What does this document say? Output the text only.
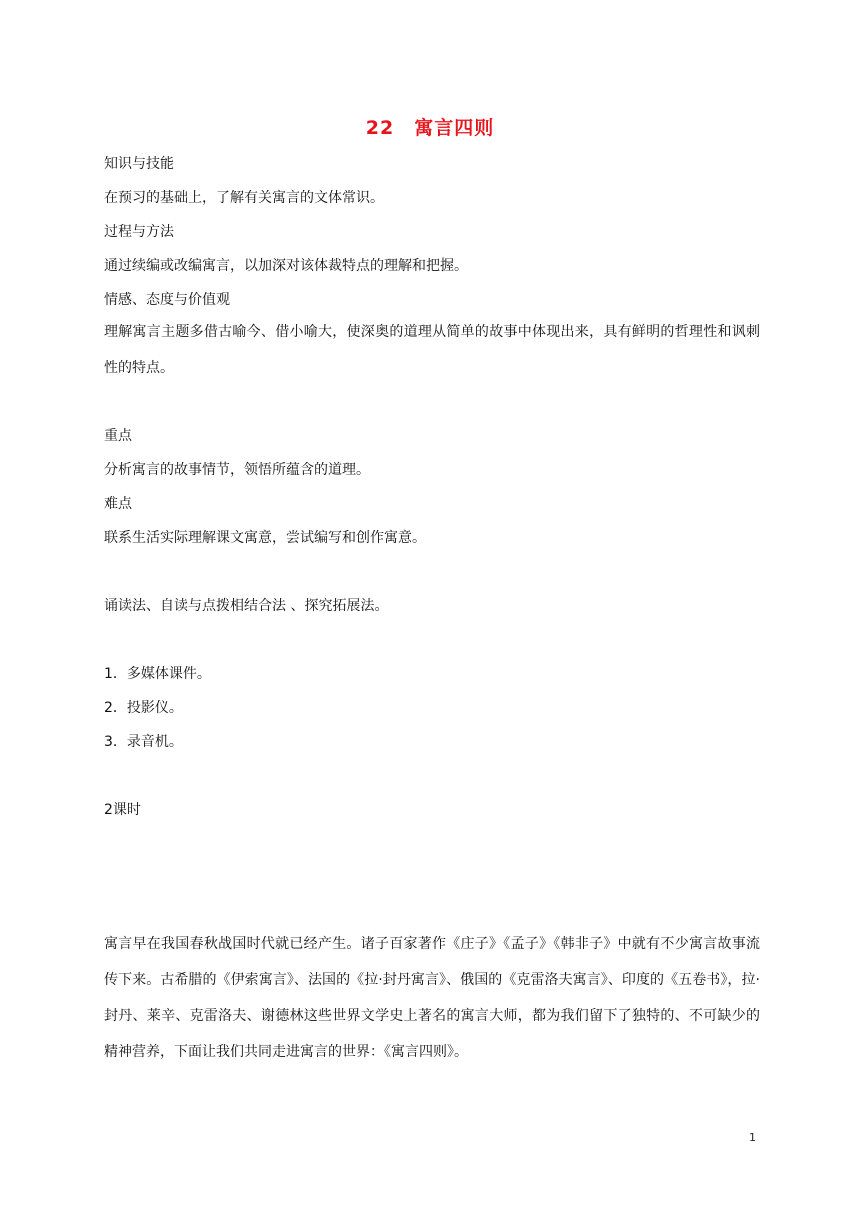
22　寓言四则
知识与技能
在预习的基础上，了解有关寓言的文体常识。
过程与方法
通过续编或改编寓言，以加深对该体裁特点的理解和把握。
情感、态度与价值观
理解寓言主题多借古喻今、借小喻大，使深奥的道理从简单的故事中体现出来，具有鲜明的哲理性和讽刺性的特点。
重点
分析寓言的故事情节，领悟所蕴含的道理。
难点
联系生活实际理解课文寓意，尝试编写和创作寓意。
诵读法、自读与点拨相结合法 、探究拓展法。
1．多媒体课件。
2．投影仪。
3．录音机。
2课时
寓言早在我国春秋战国时代就已经产生。诸子百家著作《庄子》《孟子》《韩非子》中就有不少寓言故事流传下来。古希腊的《伊索寓言》、法国的《拉·封丹寓言》、俄国的《克雷洛夫寓言》、印度的《五卷书》，拉·封丹、莱辛、克雷洛夫、谢德林这些世界文学史上著名的寓言大师，都为我们留下了独特的、不可缺少的精神营养，下面让我们共同走进寓言的世界：《寓言四则》。
1
